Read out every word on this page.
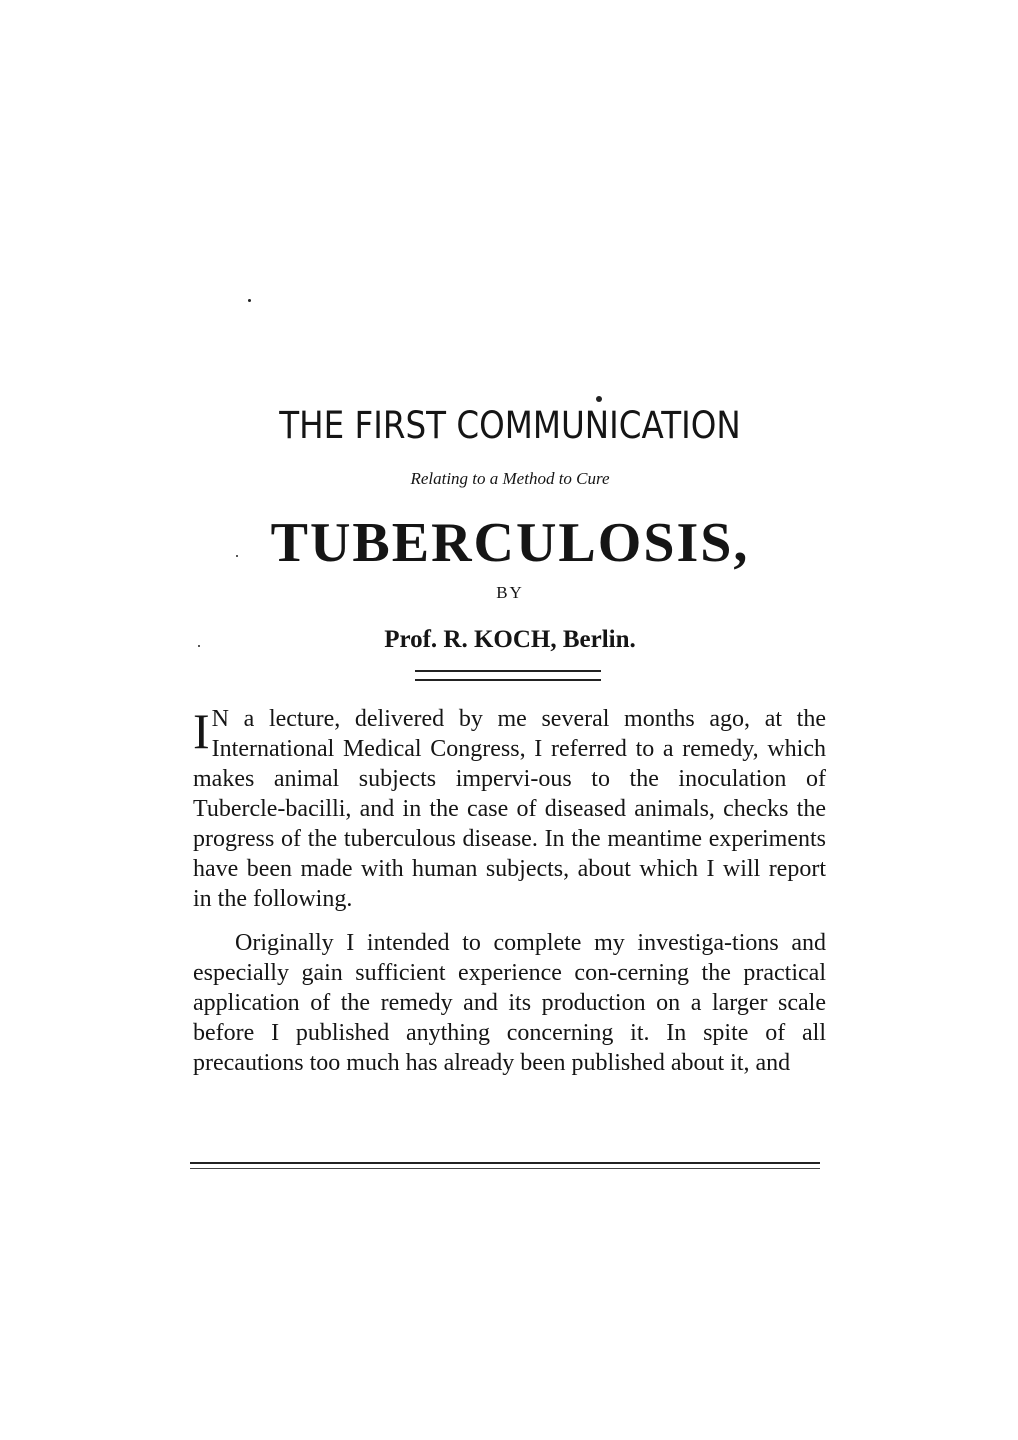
THE FIRST COMMUNICATION
Relating to a Method to Cure
TUBERCULOSIS,
BY
Prof. R. KOCH, Berlin.

I N a lecture, delivered by me several months ago, at the International Medical Congress, I referred to a remedy, which makes animal subjects impervi-ous to the inoculation of Tubercle-bacilli, and in the case of diseased animals, checks the progress of the tuberculous disease. In the meantime experiments have been made with human subjects, about which I will report in the following.

Originally I intended to complete my investiga-tions and especially gain sufficient experience con-cerning the practical application of the remedy and its production on a larger scale before I published anything concerning it. In spite of all precautions too much has already been published about it, and
